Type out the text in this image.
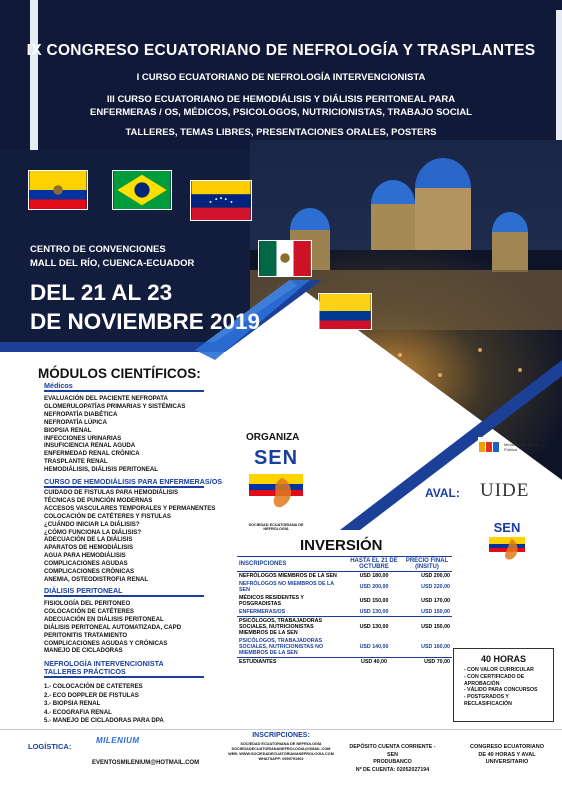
IX CONGRESO ECUATORIANO DE NEFROLOGÍA Y TRASPLANTES
I CURSO ECUATORIANO DE NEFROLOGÍA INTERVENCIONISTA
III CURSO ECUATORIANO DE HEMODIÁLISIS Y DIÁLISIS PERITONEAL PARA
ENFERMERAS / OS, MÉDICOS, PSICOLOGOS, NUTRICIONISTAS, TRABAJO SOCIAL
TALLERES, TEMAS LIBRES, PRESENTACIONES ORALES, POSTERS
CENTRO DE CONVENCIONES
MALL DEL RÍO, CUENCA-ECUADOR
DEL 21 AL 23
DE NOVIEMBRE 2019
MÓDULOS CIENTÍFICOS:
Médicos
EVALUACIÓN DEL PACIENTE NEFROPATA
GLOMERULOPATÍAS PRIMARIAS Y SISTÉMICAS
NEFROPATÍA DIABÉTICA
NEFROPATÍA LÚPICA
BIOPSIA RENAL
INFECCIONES URINARIAS
INSUFICIENCIA RENAL AGUDA
ENFERMEDAD RENAL CRÓNICA
TRASPLANTE RENAL
HEMODIÁLISIS, DIÁLISIS PERITONEAL
CURSO DE HEMODIÁLISIS PARA ENFERMERAS/OS
CUIDADO DE FISTULAS PARA HEMODIÁLISIS
TÉCNICAS DE PUNCIÓN MODERNAS
ACCESOS VASCULARES TEMPORALES Y PERMANENTES
COLOCACIÓN DE CATÉTERES Y FISTULAS
¿CUÁNDO INICIAR LA DIÁLISIS?
¿CÓMO FUNCIONA LA DIÁLISIS?
ADECUACIÓN DE LA DIÁLISIS
APARATOS DE HEMODIÁLISIS
AGUA PARA HEMODIÁLISIS
COMPLICACIONES AGUDAS
COMPLICACIONES CRÓNICAS
ANEMIA, OSTEODISTROFIA RENAL
DIÁLISIS PERITONEAL
FISIOLOGÍA DEL PERITONEO
COLOCACIÓN DE CATÉTERES
ADECUACIÓN EN DIÁLISIS PERITONEAL
DIÁLISIS PERITONEAL AUTOMATIZADA, CAPD
PERITONITIS TRATAMIENTO
COMPLICACIONES AGUDAS Y CRÓNICAS
MANEJO DE CICLADORAS
NEFROLOGÍA INTERVENCIONISTA
TALLERES PRÁCTICOS
1.- COLOCACIÓN DE CATETERES
2.- ECO DOPPLER DE FISTULAS
3.- BIOPSIA RENAL
4.- ECOGRAFIA RENAL
5.- MANEJO DE CICLADORAS PARA DPA
ORGANIZA
SEN
SOCIEDAD ECUATORIANA DE NEFROLOGÍA
Ministerio de Salud Pública
AVAL: UIDE
SEN
INVERSIÓN
INSCRIPCIONES	HASTA EL 21 DE OCTUBRE	PRECIO FINAL (INSITU)
NEFRÓLOGOS MIEMBROS DE LA SEN	USD 180,00	USD 200,00
NEFRÓLOGOS NO MIEMBROS DE LA SEN	USD 200,00	USD 220,00
MÉDICOS RESIDENTES Y POSGRADISTAS	USD 150,00	USD 170,00
ENFERMERAS/OS	USD 130,00	USD 150,00
PSICÓLOGOS, TRABAJADORAS SOCIALES, NUTRICIONISTAS MIEMBROS DE LA SEN	USD 130,00	USD 150,00
PSICÓLOGOS, TRABAJADORAS SOCIALES, NUTRICIONISTAS NO MIEMBROS DE LA SEN	USD 140,00	USD 160,00
ESTUDIANTES	USD 40,00	USD 70,00	40 HORAS
- CON VALOR CURRICULAR
- CON CERTIFICADO DE APROBACIÓN
- VÁLIDO PARA CONCURSOS
- POSTGRADOS Y RECLASIFICACIÓN
LOGÍSTICA:
MILENIUM
EVENTOSMILENIUM@HOTMAIL.COM
INSCRIPCIONES:
SOCIEDAD ECUATORIANA DE NEFROLOGÍA
SOCIEDADECUATORIANANEFROLOGIA@GMAIL.COM
WEB: WWW.SOCIEDADECUATORIANANEFROLOGIA.COM
WHATSAPP: 0999791902
DEPÓSITO CUENTA CORRIENTE - SEN
PRODUBANCO
Nº DE CUENTA: 02052027194
CONGRESO ECUATORIANO
DE 40 HORAS Y AVAL
UNIVERSITARIO
